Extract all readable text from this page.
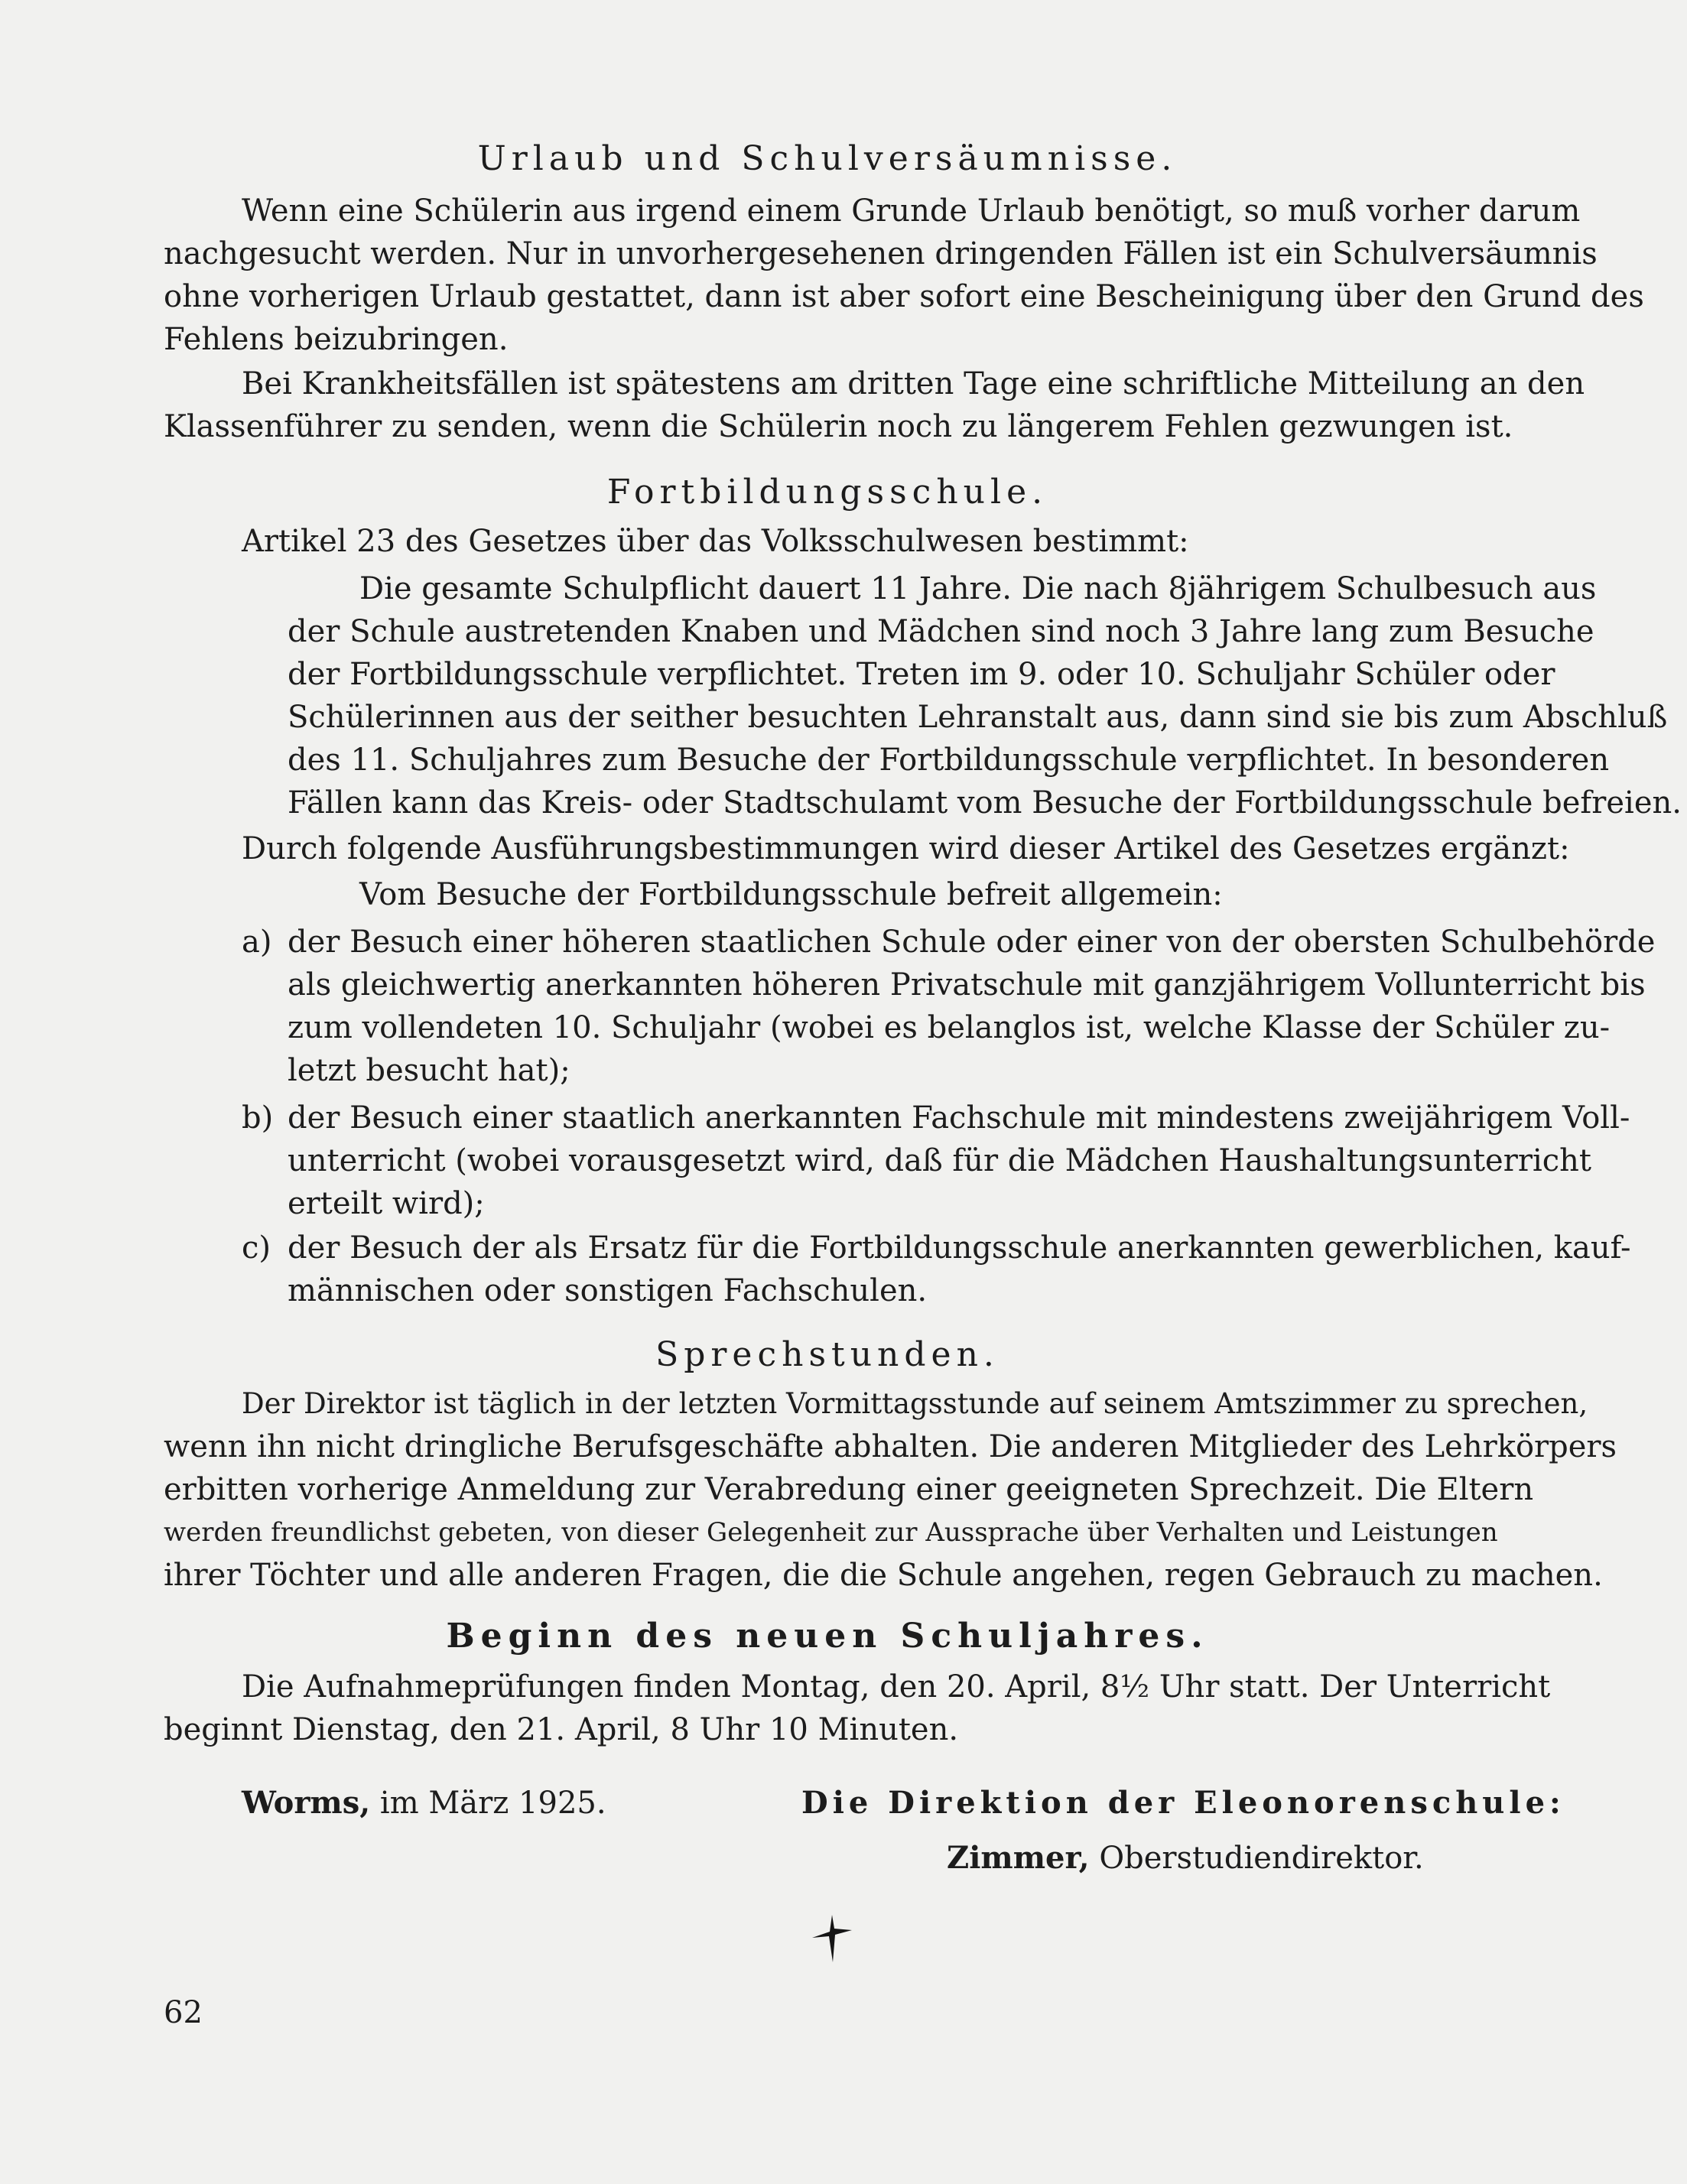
Urlaub und Schulversäumnisse.
Wenn eine Schülerin aus irgend einem Grunde Urlaub benötigt, so muß vorher darum
nachgesucht werden. Nur in unvorhergesehenen dringenden Fällen ist ein Schulversäumnis
ohne vorherigen Urlaub gestattet, dann ist aber sofort eine Bescheinigung über den Grund des
Fehlens beizubringen.
Bei Krankheitsfällen ist spätestens am dritten Tage eine schriftliche Mitteilung an den
Klassenführer zu senden, wenn die Schülerin noch zu längerem Fehlen gezwungen ist.
Fortbildungsschule.
Artikel 23 des Gesetzes über das Volksschulwesen bestimmt:
Die gesamte Schulpflicht dauert 11 Jahre. Die nach 8jährigem Schulbesuch aus
der Schule austretenden Knaben und Mädchen sind noch 3 Jahre lang zum Besuche
der Fortbildungsschule verpflichtet. Treten im 9. oder 10. Schuljahr Schüler oder
Schülerinnen aus der seither besuchten Lehranstalt aus, dann sind sie bis zum Abschluß
des 11. Schuljahres zum Besuche der Fortbildungsschule verpflichtet. In besonderen
Fällen kann das Kreis- oder Stadtschulamt vom Besuche der Fortbildungsschule befreien.
Durch folgende Ausführungsbestimmungen wird dieser Artikel des Gesetzes ergänzt:
Vom Besuche der Fortbildungsschule befreit allgemein:
a) der Besuch einer höheren staatlichen Schule oder einer von der obersten Schulbehörde
als gleichwertig anerkannten höheren Privatschule mit ganzjährigem Vollunterricht bis
zum vollendeten 10. Schuljahr (wobei es belanglos ist, welche Klasse der Schüler zu-
letzt besucht hat);
b) der Besuch einer staatlich anerkannten Fachschule mit mindestens zweijährigem Voll-
unterricht (wobei vorausgesetzt wird, daß für die Mädchen Haushaltungsunterricht
erteilt wird);
c) der Besuch der als Ersatz für die Fortbildungsschule anerkannten gewerblichen, kauf-
männischen oder sonstigen Fachschulen.
Sprechstunden.
Der Direktor ist täglich in der letzten Vormittagsstunde auf seinem Amtszimmer zu sprechen,
wenn ihn nicht dringliche Berufsgeschäfte abhalten. Die anderen Mitglieder des Lehrkörpers
erbitten vorherige Anmeldung zur Verabredung einer geeigneten Sprechzeit. Die Eltern
werden freundlichst gebeten, von dieser Gelegenheit zur Aussprache über Verhalten und Leistungen
ihrer Töchter und alle anderen Fragen, die die Schule angehen, regen Gebrauch zu machen.
Beginn des neuen Schuljahres.
Die Aufnahmeprüfungen finden Montag, den 20. April, 8½ Uhr statt. Der Unterricht
beginnt Dienstag, den 21. April, 8 Uhr 10 Minuten.
Worms, im März 1925.	Die Direktion der Eleonorenschule:
Zimmer, Oberstudiendirektor.
62
